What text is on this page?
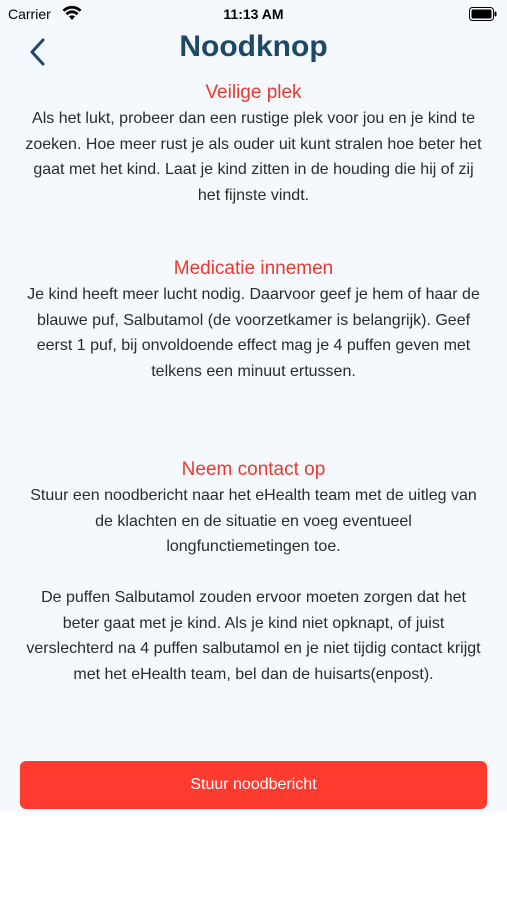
Carrier	11:13 AM
Noodknop
Veilige plek
Als het lukt, probeer dan een rustige plek voor jou en je kind te zoeken. Hoe meer rust je als ouder uit kunt stralen hoe beter het gaat met het kind. Laat je kind zitten in de houding die hij of zij het fijnste vindt.
Medicatie innemen
Je kind heeft meer lucht nodig. Daarvoor geef je hem of haar de blauwe puf, Salbutamol (de voorzetkamer is belangrijk). Geef eerst 1 puf, bij onvoldoende effect mag je 4 puffen geven met telkens een minuut ertussen.
Neem contact op
Stuur een noodbericht naar het eHealth team met de uitleg van de klachten en de situatie en voeg eventueel longfunctiemetingen toe.
De puffen Salbutamol zouden ervoor moeten zorgen dat het beter gaat met je kind. Als je kind niet opknapt, of juist verslechterd na 4 puffen salbutamol en je niet tijdig contact krijgt met het eHealth team, bel dan de huisarts(enpost).
Stuur noodbericht
